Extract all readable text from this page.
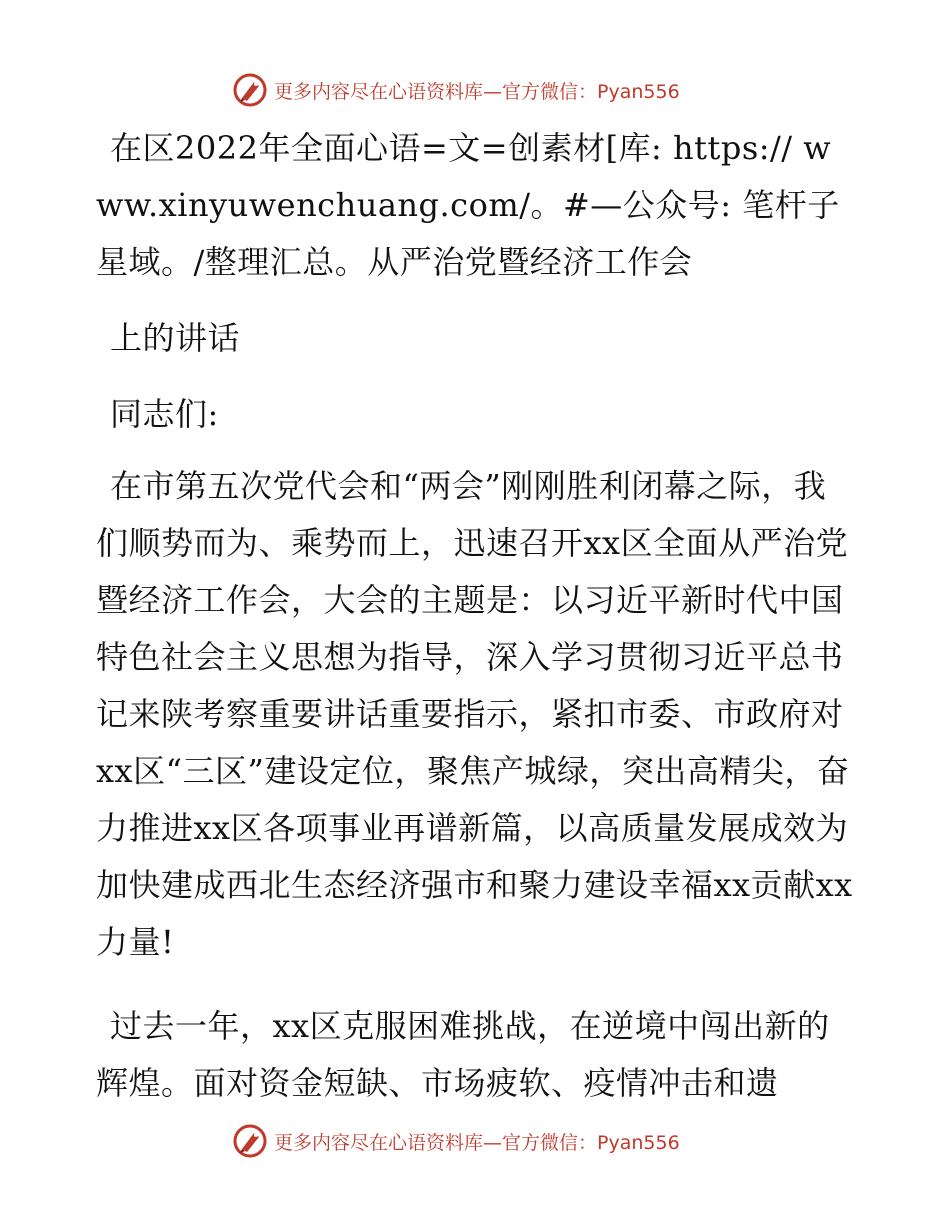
更多内容尽在心语资料库 —官方微信：Pyan556
在区2022年全面心语=文=创素材[库: https:// www.xinyuwenchuang.com/。#—公众号: 笔杆子星域。/整理汇总。从严治党暨经济工作会
上的讲话
同志们:
在市第五次党代会和“两会”刚刚胜利闭幕之际，我们顺势而为、乘势而上，迅速召开xx区全面从严治党暨经济工作会，大会的主题是：以习近平新时代中国特色社会主义思想为指导，深入学习贯彻习近平总书记来陕考察重要讲话重要指示，紧扣市委、市政府对xx区“三区”建设定位，聚焦产城绿，突出高精尖，奋力推进xx区各项事业再谱新篇，以高质量发展成效为加快建成西北生态经济强市和聚力建设幸福xx贡献xx力量!
过去一年，xx区克服困难挑战，在逆境中闯出新的辉煌。面对资金短缺、市场疲软、疫情冲击和遗
更多内容尽在心语资料库 —官方微信：Pyan556
